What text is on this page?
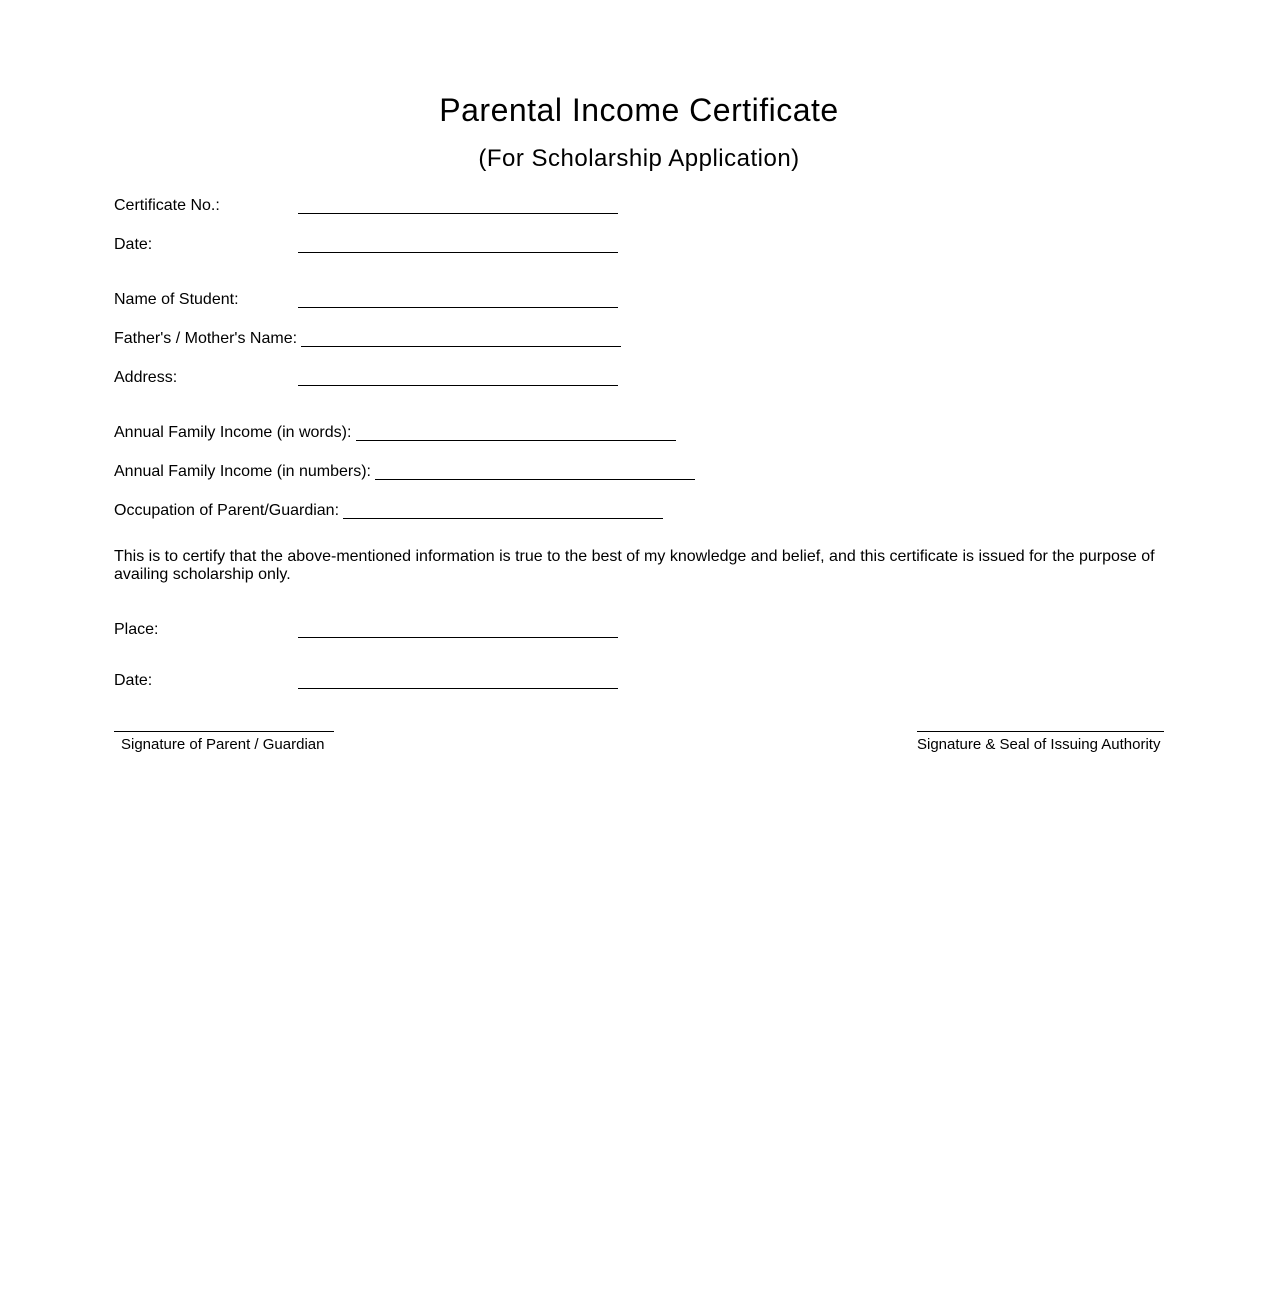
Parental Income Certificate
(For Scholarship Application)
Certificate No.:
Date:
Name of Student:
Father's / Mother's Name:
Address:
Annual Family Income (in words):
Annual Family Income (in numbers):
Occupation of Parent/Guardian:

This is to certify that the above-mentioned information is true to the best of my knowledge and belief, and this certificate is issued for the purpose of availing scholarship only.

Place:
Date:
Signature of Parent / Guardian	Signature & Seal of Issuing Authority
